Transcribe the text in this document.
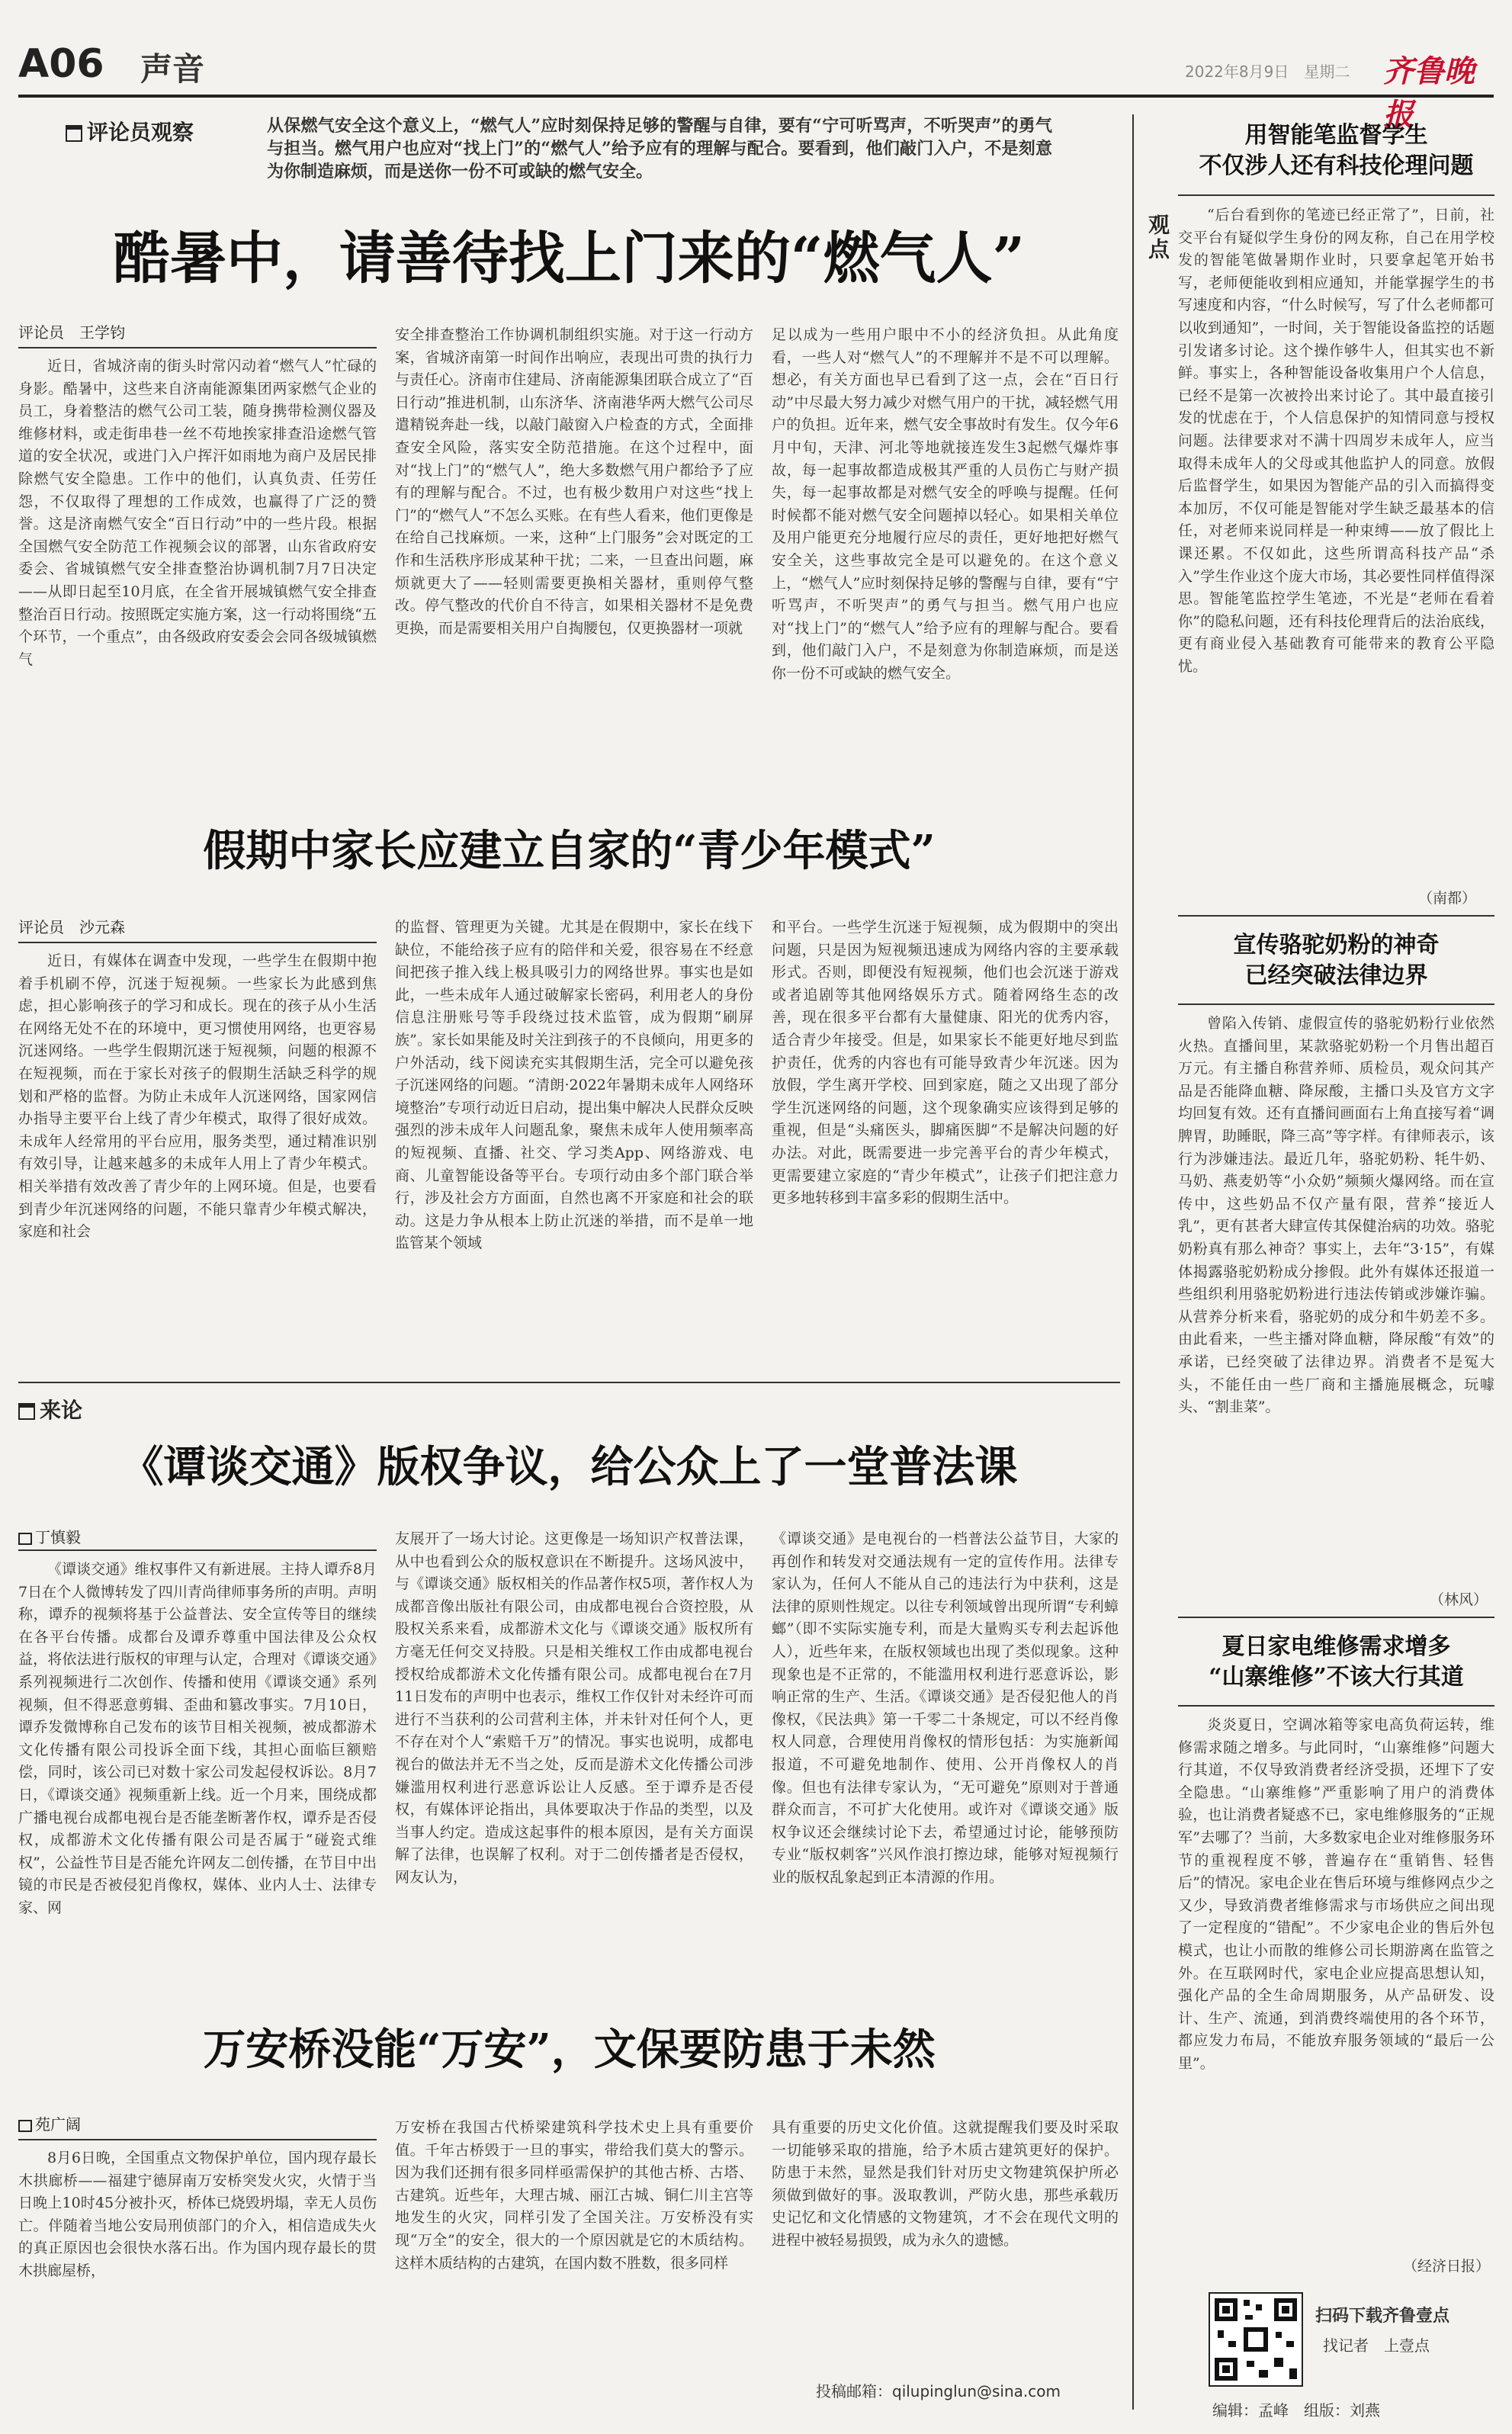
A06 声音	2022年8月9日　星期二 齐鲁晚报
评论员观察	从保燃气安全这个意义上，“燃气人”应时刻保持足够的警醒与自律，要有“宁可听骂声，不听哭声”的勇气与担当。燃气用户也应对“找上门”的“燃气人”给予应有的理解与配合。要看到，他们敲门入户，不是刻意为你制造麻烦，而是送你一份不可或缺的燃气安全。
酷暑中，请善待找上门来的“燃气人”
评论员　王学钧
近日，省城济南的街头时常闪动着“燃气人”忙碌的身影。酷暑中，这些来自济南能源集团两家燃气企业的员工，身着整洁的燃气公司工装，随身携带检测仪器及维修材料，或走街串巷一丝不苟地挨家排查沿途燃气管道的安全状况，或进门入户挥汗如雨地为商户及居民排除燃气安全隐患。工作中的他们，认真负责、任劳任怨，不仅取得了理想的工作成效，也赢得了广泛的赞誉。这是济南燃气安全“百日行动”中的一些片段。根据全国燃气安全防范工作视频会议的部署，山东省政府安委会、省城镇燃气安全排查整治协调机制7月7日决定——从即日起至10月底，在全省开展城镇燃气安全排查整治百日行动。按照既定实施方案，这一行动将围绕“五个环节，一个重点”，由各级政府安委会会同各级城镇燃气
安全排查整治工作协调机制组织实施。对于这一行动方案，省城济南第一时间作出响应，表现出可贵的执行力与责任心。济南市住建局、济南能源集团联合成立了“百日行动”推进机制，山东济华、济南港华两大燃气公司尽遣精锐奔赴一线，以敲门敲窗入户检查的方式，全面排查安全风险，落实安全防范措施。在这个过程中，面对“找上门”的“燃气人”，绝大多数燃气用户都给予了应有的理解与配合。不过，也有极少数用户对这些“找上门”的“燃气人”不怎么买账。在有些人看来，他们更像是在给自己找麻烦。一来，这种“上门服务”会对既定的工作和生活秩序形成某种干扰；二来，一旦查出问题，麻烦就更大了——轻则需要更换相关器材，重则停气整改。停气整改的代价自不待言，如果相关器材不是免费更换，而是需要相关用户自掏腰包，仅更换器材一项就
足以成为一些用户眼中不小的经济负担。从此角度看，一些人对“燃气人”的不理解并不是不可以理解。想必，有关方面也早已看到了这一点，会在“百日行动”中尽最大努力减少对燃气用户的干扰，减轻燃气用户的负担。近年来，燃气安全事故时有发生。仅今年6月中旬，天津、河北等地就接连发生3起燃气爆炸事故，每一起事故都造成极其严重的人员伤亡与财产损失，每一起事故都是对燃气安全的呼唤与提醒。任何时候都不能对燃气安全问题掉以轻心。如果相关单位及用户能更充分地履行应尽的责任，更好地把好燃气安全关，这些事故完全是可以避免的。在这个意义上，“燃气人”应时刻保持足够的警醒与自律，要有“宁听骂声，不听哭声”的勇气与担当。燃气用户也应对“找上门”的“燃气人”给予应有的理解与配合。要看到，他们敲门入户，不是刻意为你制造麻烦，而是送你一份不可或缺的燃气安全。
假期中家长应建立自家的“青少年模式”
评论员　沙元森
近日，有媒体在调查中发现，一些学生在假期中抱着手机刷不停，沉迷于短视频。一些家长为此感到焦虑，担心影响孩子的学习和成长。现在的孩子从小生活在网络无处不在的环境中，更习惯使用网络，也更容易沉迷网络。一些学生假期沉迷于短视频，问题的根源不在短视频，而在于家长对孩子的假期生活缺乏科学的规划和严格的监督。为防止未成年人沉迷网络，国家网信办指导主要平台上线了青少年模式，取得了很好成效。未成年人经常用的平台应用，服务类型，通过精准识别有效引导，让越来越多的未成年人用上了青少年模式。相关举措有效改善了青少年的上网环境。但是，也要看到青少年沉迷网络的问题，不能只靠青少年模式解决，家庭和社会
的监督、管理更为关键。尤其是在假期中，家长在线下缺位，不能给孩子应有的陪伴和关爱，很容易在不经意间把孩子推入线上极具吸引力的网络世界。事实也是如此，一些未成年人通过破解家长密码，利用老人的身份信息注册账号等手段绕过技术监管，成为假期“刷屏族”。家长如果能及时关注到孩子的不良倾向，用更多的户外活动，线下阅读充实其假期生活，完全可以避免孩子沉迷网络的问题。“清朗·2022年暑期未成年人网络环境整治”专项行动近日启动，提出集中解决人民群众反映强烈的涉未成年人问题乱象，聚焦未成年人使用频率高的短视频、直播、社交、学习类App、网络游戏、电商、儿童智能设备等平台。专项行动由多个部门联合举行，涉及社会方方面面，自然也离不开家庭和社会的联动。这是力争从根本上防止沉迷的举措，而不是单一地监管某个领域
和平台。一些学生沉迷于短视频，成为假期中的突出问题，只是因为短视频迅速成为网络内容的主要承载形式。否则，即便没有短视频，他们也会沉迷于游戏或者追剧等其他网络娱乐方式。随着网络生态的改善，现在很多平台都有大量健康、阳光的优秀内容，适合青少年接受。但是，如果家长不能更好地尽到监护责任，优秀的内容也有可能导致青少年沉迷。因为放假，学生离开学校、回到家庭，随之又出现了部分学生沉迷网络的问题，这个现象确实应该得到足够的重视，但是“头痛医头，脚痛医脚”不是解决问题的好办法。对此，既需要进一步完善平台的青少年模式，更需要建立家庭的“青少年模式”，让孩子们把注意力更多地转移到丰富多彩的假期生活中。
来论
《谭谈交通》版权争议，给公众上了一堂普法课
丁慎毅
《谭谈交通》维权事件又有新进展。主持人谭乔8月7日在个人微博转发了四川青尚律师事务所的声明。声明称，谭乔的视频将基于公益普法、安全宣传等目的继续在各平台传播。成都台及谭乔尊重中国法律及公众权益，将依法进行版权的审理与认定，合理对《谭谈交通》系列视频进行二次创作、传播和使用《谭谈交通》系列视频，但不得恶意剪辑、歪曲和篡改事实。7月10日，谭乔发微博称自己发布的该节目相关视频，被成都游术文化传播有限公司投诉全面下线，其担心面临巨额赔偿，同时，该公司已对数十家公司发起侵权诉讼。8月7日，《谭谈交通》视频重新上线。近一个月来，围绕成都广播电视台成都电视台是否能垄断著作权，谭乔是否侵权，成都游术文化传播有限公司是否属于“碰瓷式维权”，公益性节目是否能允许网友二创传播，在节目中出镜的市民是否被侵犯肖像权，媒体、业内人士、法律专家、网
友展开了一场大讨论。这更像是一场知识产权普法课，从中也看到公众的版权意识在不断提升。这场风波中，与《谭谈交通》版权相关的作品著作权5项，著作权人为成都音像出版社有限公司，由成都电视台合资控股，从股权关系来看，成都游术文化与《谭谈交通》版权所有方毫无任何交叉持股。只是相关维权工作由成都电视台授权给成都游术文化传播有限公司。成都电视台在7月11日发布的声明中也表示，维权工作仅针对未经许可而进行不当获利的公司营利主体，并未针对任何个人，更不存在对个人“索赔千万”的情况。事实也说明，成都电视台的做法并无不当之处，反而是游术文化传播公司涉嫌滥用权利进行恶意诉讼让人反感。至于谭乔是否侵权，有媒体评论指出，具体要取决于作品的类型，以及当事人约定。造成这起事件的根本原因，是有关方面误解了法律，也误解了权利。对于二创传播者是否侵权，网友认为，
《谭谈交通》是电视台的一档普法公益节目，大家的再创作和转发对交通法规有一定的宣传作用。法律专家认为，任何人不能从自己的违法行为中获利，这是法律的原则性规定。以往专利领域曾出现所谓“专利蟑螂”（即不实际实施专利，而是大量购买专利去起诉他人），近些年来，在版权领域也出现了类似现象。这种现象也是不正常的，不能滥用权利进行恶意诉讼，影响正常的生产、生活。《谭谈交通》是否侵犯他人的肖像权，《民法典》第一千零二十条规定，可以不经肖像权人同意，合理使用肖像权的情形包括：为实施新闻报道，不可避免地制作、使用、公开肖像权人的肖像。但也有法律专家认为，“无可避免”原则对于普通群众而言，不可扩大化使用。或许对《谭谈交通》版权争议还会继续讨论下去，希望通过讨论，能够预防专业“版权刺客”兴风作浪打擦边球，能够对短视频行业的版权乱象起到正本清源的作用。
万安桥没能“万安”，文保要防患于未然
苑广阔
8月6日晚，全国重点文物保护单位，国内现存最长木拱廊桥——福建宁德屏南万安桥突发火灾，火情于当日晚上10时45分被扑灭，桥体已烧毁坍塌，幸无人员伤亡。伴随着当地公安局刑侦部门的介入，相信造成失火的真正原因也会很快水落石出。作为国内现存最长的贯木拱廊屋桥，
万安桥在我国古代桥梁建筑科学技术史上具有重要价值。千年古桥毁于一旦的事实，带给我们莫大的警示。因为我们还拥有很多同样亟需保护的其他古桥、古塔、古建筑。近些年，大理古城、丽江古城、铜仁川主宫等地发生的火灾，同样引发了全国关注。万安桥没有实现“万全”的安全，很大的一个原因就是它的木质结构。这样木质结构的古建筑，在国内数不胜数，很多同样
具有重要的历史文化价值。这就提醒我们要及时采取一切能够采取的措施，给予木质古建筑更好的保护。防患于未然，显然是我们针对历史文物建筑保护所必须做到做好的事。汲取教训，严防火患，那些承载历史记忆和文化情感的文物建筑，才不会在现代文明的进程中被轻易损毁，成为永久的遗憾。
投稿邮箱：qilupinglun@sina.com
观点
用智能笔监督学生
不仅涉人还有科技伦理问题
“后台看到你的笔迹已经正常了”，日前，社交平台有疑似学生身份的网友称，自己在用学校发的智能笔做暑期作业时，只要拿起笔开始书写，老师便能收到相应通知，并能掌握学生的书写速度和内容，“什么时候写，写了什么老师都可以收到通知”，一时间，关于智能设备监控的话题引发诸多讨论。这个操作够牛人，但其实也不新鲜。事实上，各种智能设备收集用户个人信息，已经不是第一次被拎出来讨论了。其中最直接引发的忧虑在于，个人信息保护的知情同意与授权问题。法律要求对不满十四周岁未成年人，应当取得未成年人的父母或其他监护人的同意。放假后监督学生，如果因为智能产品的引入而搞得变本加厉，不仅可能是智能对学生缺乏最基本的信任，对老师来说同样是一种束缚——放了假比上课还累。不仅如此，这些所谓高科技产品“杀入”学生作业这个庞大市场，其必要性同样值得深思。智能笔监控学生笔迹，不光是“老师在看着你”的隐私问题，还有科技伦理背后的法治底线，更有商业侵入基础教育可能带来的教育公平隐忧。
（南都）
宣传骆驼奶粉的神奇
已经突破法律边界
曾陷入传销、虚假宣传的骆驼奶粉行业依然火热。直播间里，某款骆驼奶粉一个月售出超百万元。有主播自称营养师、质检员，观众问其产品是否能降血糖、降尿酸，主播口头及官方文字均回复有效。还有直播间画面右上角直接写着“调脾胃，助睡眠，降三高”等字样。有律师表示，该行为涉嫌违法。最近几年，骆驼奶粉、牦牛奶、马奶、燕麦奶等“小众奶”频频火爆网络。而在宣传中，这些奶品不仅产量有限，营养“接近人乳”，更有甚者大肆宣传其保健治病的功效。骆驼奶粉真有那么神奇？事实上，去年“3·15”，有媒体揭露骆驼奶粉成分掺假。此外有媒体还报道一些组织利用骆驼奶粉进行违法传销或涉嫌诈骗。从营养分析来看，骆驼奶的成分和牛奶差不多。由此看来，一些主播对降血糖，降尿酸“有效”的承诺，已经突破了法律边界。消费者不是冤大头，不能任由一些厂商和主播施展概念，玩噱头、“割韭菜”。
（林风）
夏日家电维修需求增多
“山寨维修”不该大行其道
炎炎夏日，空调冰箱等家电高负荷运转，维修需求随之增多。与此同时，“山寨维修”问题大行其道，不仅导致消费者经济受损，还埋下了安全隐患。“山寨维修”严重影响了用户的消费体验，也让消费者疑惑不已，家电维修服务的“正规军”去哪了？当前，大多数家电企业对维修服务环节的重视程度不够，普遍存在“重销售、轻售后”的情况。家电企业在售后环境与维修网点少之又少，导致消费者维修需求与市场供应之间出现了一定程度的“错配”。不少家电企业的售后外包模式，也让小而散的维修公司长期游离在监管之外。在互联网时代，家电企业应提高思想认知，强化产品的全生命周期服务，从产品研发、设计、生产、流通，到消费终端使用的各个环节，都应发力布局，不能放弃服务领域的“最后一公里”。
（经济日报）
扫码下载齐鲁壹点
找记者　上壹点
编辑：孟峰　组版：刘燕
